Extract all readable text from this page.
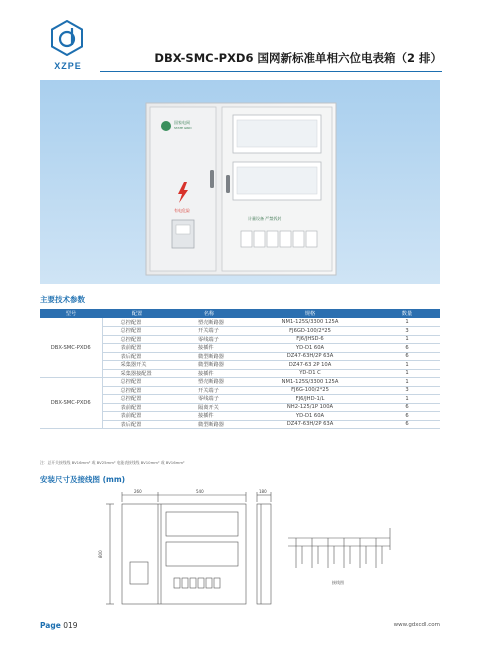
XZPE
DBX-SMC-PXD6 国网新标准单相六位电表箱（2 排）
国家电网
STATE GRID
有电危险
计量设备 严禁拆封
主要技术参数
型号	配置	名称	规格	数量
DBX-SMC-PXD6	总控配置	塑壳断路器	NM1-125S/3300 125A	1
	总控配置	开关端子	FJ6GD-100/2*25	3
	总控配置	零线端子	FJ6/JHSD-6	1
	表前配置	接插件	YD-D1 60A	6
	表后配置	微型断路器	DZ47-63H/2P 63A	6
	采集器开关	微型断路器	DZ47-63 2P 10A	1
	采集器接配置	接插件	YD-D1 C	1
DBX-SMC-PXD6	总控配置	塑壳断路器	NM1-125S/3300 125A	1
	总控配置	开关端子	FJ6G-100/2*25	3
	总控配置	零线端子	FJ6/JHD-1/L	1
	表前配置	隔离开关	NH2-125/1P 100A	6
	表前配置	接插件	YD-D1 60A	6
	表后配置	微型断路器	DZ47-63H/2P 63A	6
注：总开关接线线 BV16mm² 或 BV25mm² 电能表接线线 BV10mm² 或 BV16mm²
安装尺寸及接线图 (mm)
260	540	180
800
接线图
Page 019	www.gdxcdl.com
